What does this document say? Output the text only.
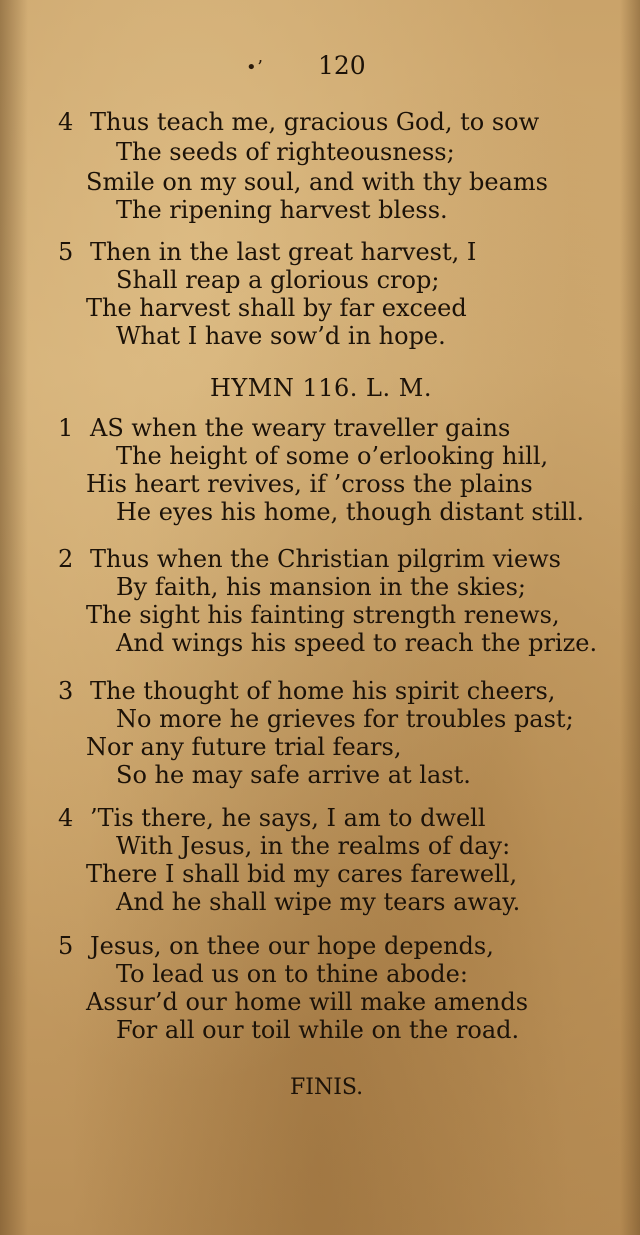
•ʼ 120
4 Thus teach me, gracious God, to sow
The seeds of righteousness;
Smile on my soul, and with thy beams
The ripening harvest bless.
5 Then in the last great harvest, I
Shall reap a glorious crop;
The harvest shall by far exceed
What I have sow’d in hope.
HYMN 116. L. M.
1 AS when the weary traveller gains
The height of some o’erlooking hill,
His heart revives, if ’cross the plains
He eyes his home, though distant still.
2 Thus when the Christian pilgrim views
By faith, his mansion in the skies;
The sight his fainting strength renews,
And wings his speed to reach the prize.
3 The thought of home his spirit cheers,
No more he grieves for troubles past;
Nor any future trial fears,
So he may safe arrive at last.
4 ’Tis there, he says, I am to dwell
With Jesus, in the realms of day:
There I shall bid my cares farewell,
And he shall wipe my tears away.
5 Jesus, on thee our hope depends,
To lead us on to thine abode:
Assur’d our home will make amends
For all our toil while on the road.
FINIS.
